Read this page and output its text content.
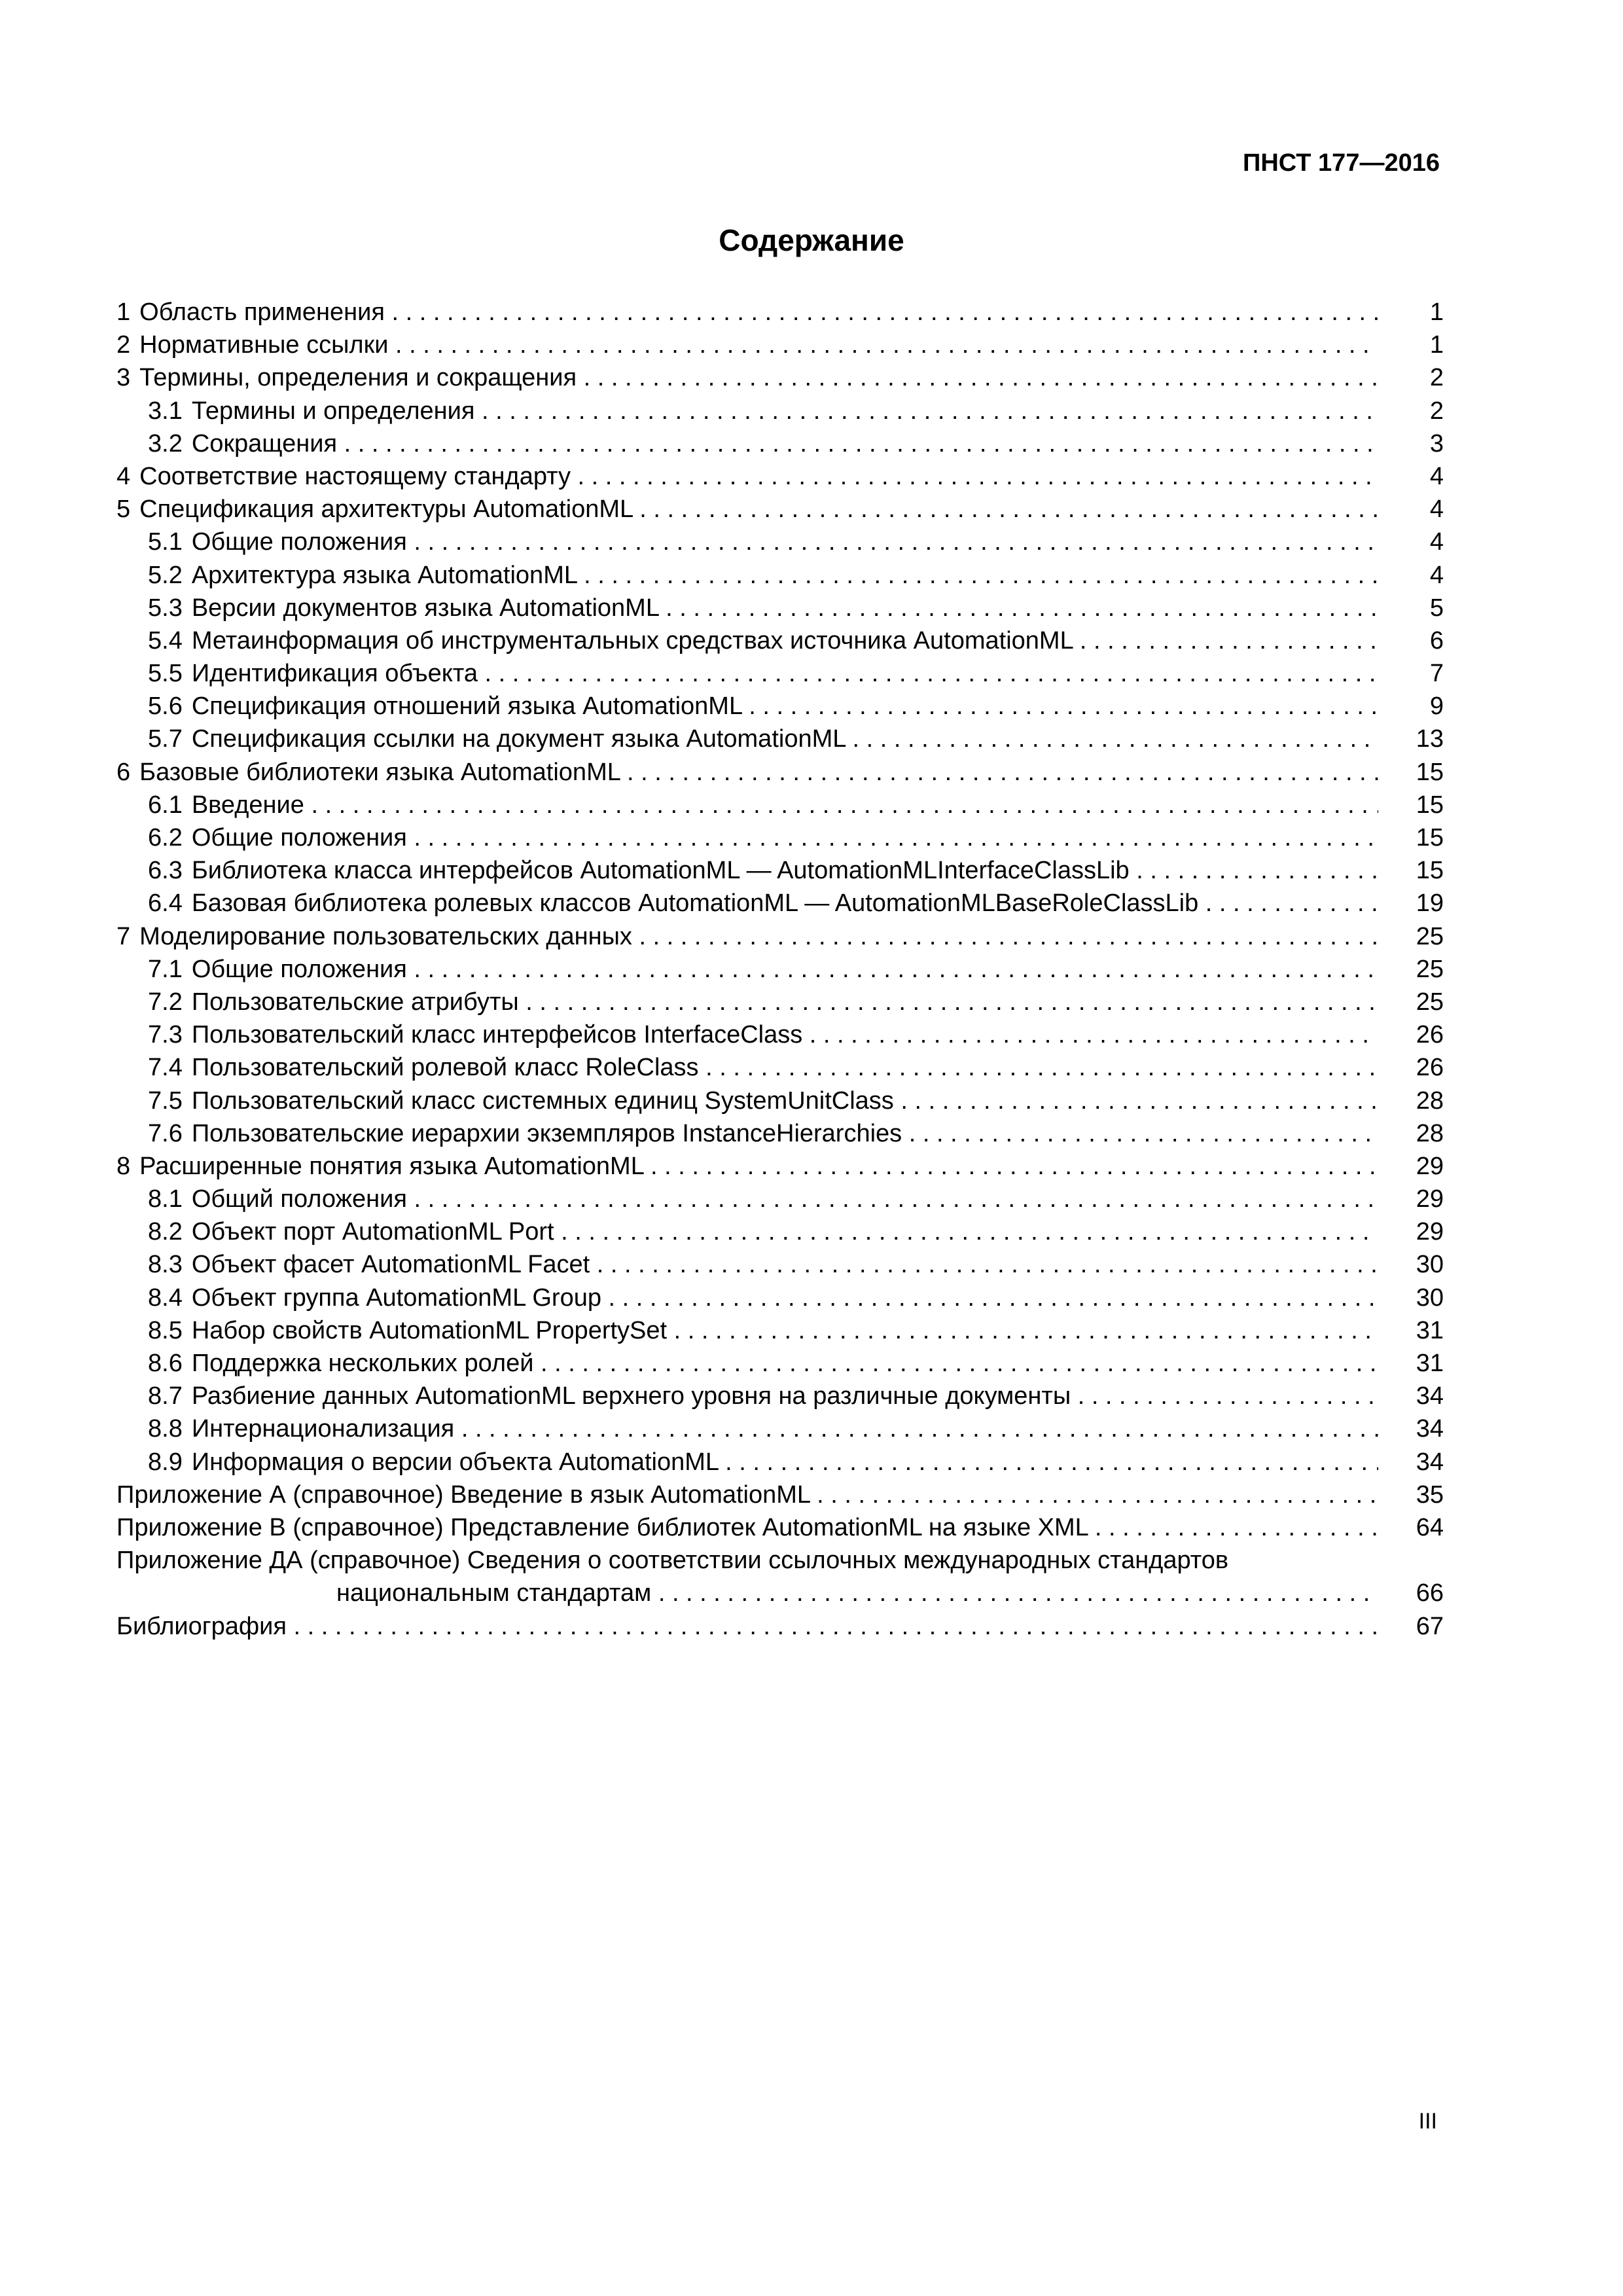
ПНСТ 177—2016
Содержание
1 Область применения . . .	1
2 Нормативные ссылки . . .	1
3 Термины, определения и сокращения . . .	2
3.1 Термины и определения . . .	2
3.2 Сокращения . . .	3
4 Соответствие настоящему стандарту . . .	4
5 Спецификация архитектуры AutomationML . . .	4
5.1 Общие положения . . .	4
5.2 Архитектура языка AutomationML . . .	4
5.3 Версии документов языка AutomationML . . .	5
5.4 Метаинформация об инструментальных средствах источника AutomationML . . .	6
5.5 Идентификация объекта . . .	7
5.6 Спецификация отношений языка AutomationML . . .	9
5.7 Спецификация ссылки на документ языка AutomationML . . .	13
6 Базовые библиотеки языка AutomationML . . .	15
6.1 Введение . . .	15
6.2 Общие положения . . .	15
6.3 Библиотека класса интерфейсов AutomationML — AutomationMLInterfaceClassLib . . .	15
6.4 Базовая библиотека ролевых классов AutomationML — AutomationMLBaseRoleClassLib . . .	19
7 Моделирование пользовательских данных . . .	25
7.1 Общие положения . . .	25
7.2 Пользовательские атрибуты . . .	25
7.3 Пользовательский класс интерфейсов InterfaceClass . . .	26
7.4 Пользовательский ролевой класс RoleClass . . .	26
7.5 Пользовательский класс системных единиц SystemUnitClass . . .	28
7.6 Пользовательские иерархии экземпляров InstanceHierarchies . . .	28
8 Расширенные понятия языка AutomationML . . .	29
8.1 Общий положения . . .	29
8.2 Объект порт AutomationML Port . . .	29
8.3 Объект фасет AutomationML Facet . . .	30
8.4 Объект группа AutomationML Group . . .	30
8.5 Набор свойств AutomationML PropertySet . . .	31
8.6 Поддержка нескольких ролей . . .	31
8.7 Разбиение данных AutomationML верхнего уровня на различные документы . . .	34
8.8 Интернационализация . . .	34
8.9 Информация о версии объекта AutomationML . . .	34
Приложение А (справочное) Введение в язык AutomationML . . .	35
Приложение В (справочное) Представление библиотек AutomationML на языке XML . . .	64
Приложение ДА (справочное) Сведения о соответствии ссылочных международных стандартов
национальным стандартам . . .	66
Библиография . . .	67
III
